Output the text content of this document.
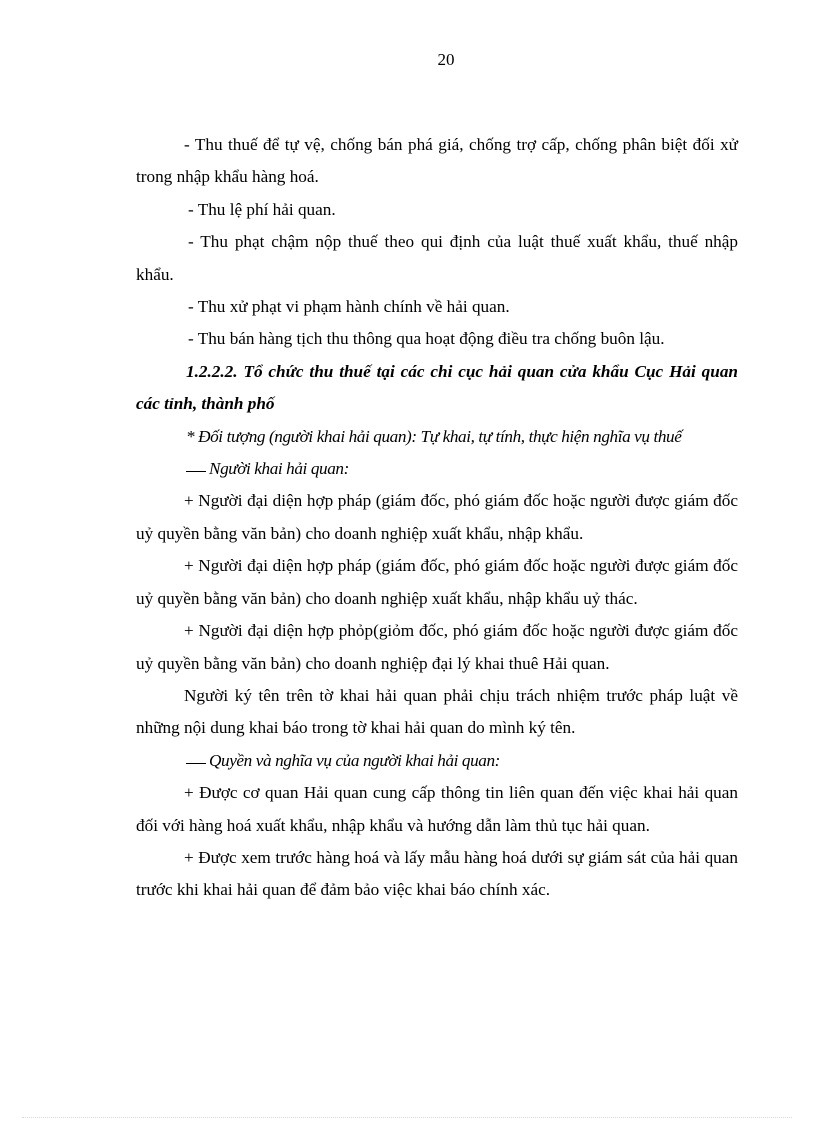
20

- Thu thuế để tự vệ, chống bán phá giá, chống trợ cấp, chống phân biệt đối xử trong nhập khẩu hàng hoá.

- Thu lệ phí hải quan.

- Thu phạt chậm nộp thuế theo qui định của luật thuế xuất khẩu, thuế nhập khẩu.

- Thu xử phạt vi phạm hành chính về hải quan.

- Thu bán hàng tịch thu thông qua hoạt động điều tra chống buôn lậu.

1.2.2.2. Tổ chức thu thuế tại các chi cục hải quan cửa khẩu Cục Hải quan các tỉnh, thành phố

* Đối tượng (người khai hải quan): Tự khai, tự tính, thực hiện nghĩa vụ thuế

Người khai hải quan:

+ Người đại diện hợp pháp (giám đốc, phó giám đốc hoặc người được giám đốc uỷ quyền bằng văn bản) cho doanh nghiệp xuất khẩu, nhập khẩu.

+ Người đại diện hợp pháp (giám đốc, phó giám đốc hoặc người được giám đốc uỷ quyền bằng văn bản) cho doanh nghiệp xuất khẩu, nhập khẩu uỷ thác.

+ Người đại diện hợp phỏp(giỏm đốc, phó giám đốc hoặc người được giám đốc uỷ quyền bằng văn bản) cho doanh nghiệp đại lý khai thuê Hải quan.

Người ký tên trên tờ khai hải quan phải chịu trách nhiệm trước pháp luật về những nội dung khai báo trong tờ khai hải quan do mình ký tên.

Quyền và nghĩa vụ của người khai hải quan:

+ Được cơ quan Hải quan cung cấp thông tin liên quan đến việc khai hải quan đối với hàng hoá xuất khẩu, nhập khẩu và hướng dẫn làm thủ tục hải quan.

+ Được xem trước hàng hoá và lấy mẫu hàng hoá dưới sự giám sát của hải quan trước khi khai hải quan để đảm bảo việc khai báo chính xác.
